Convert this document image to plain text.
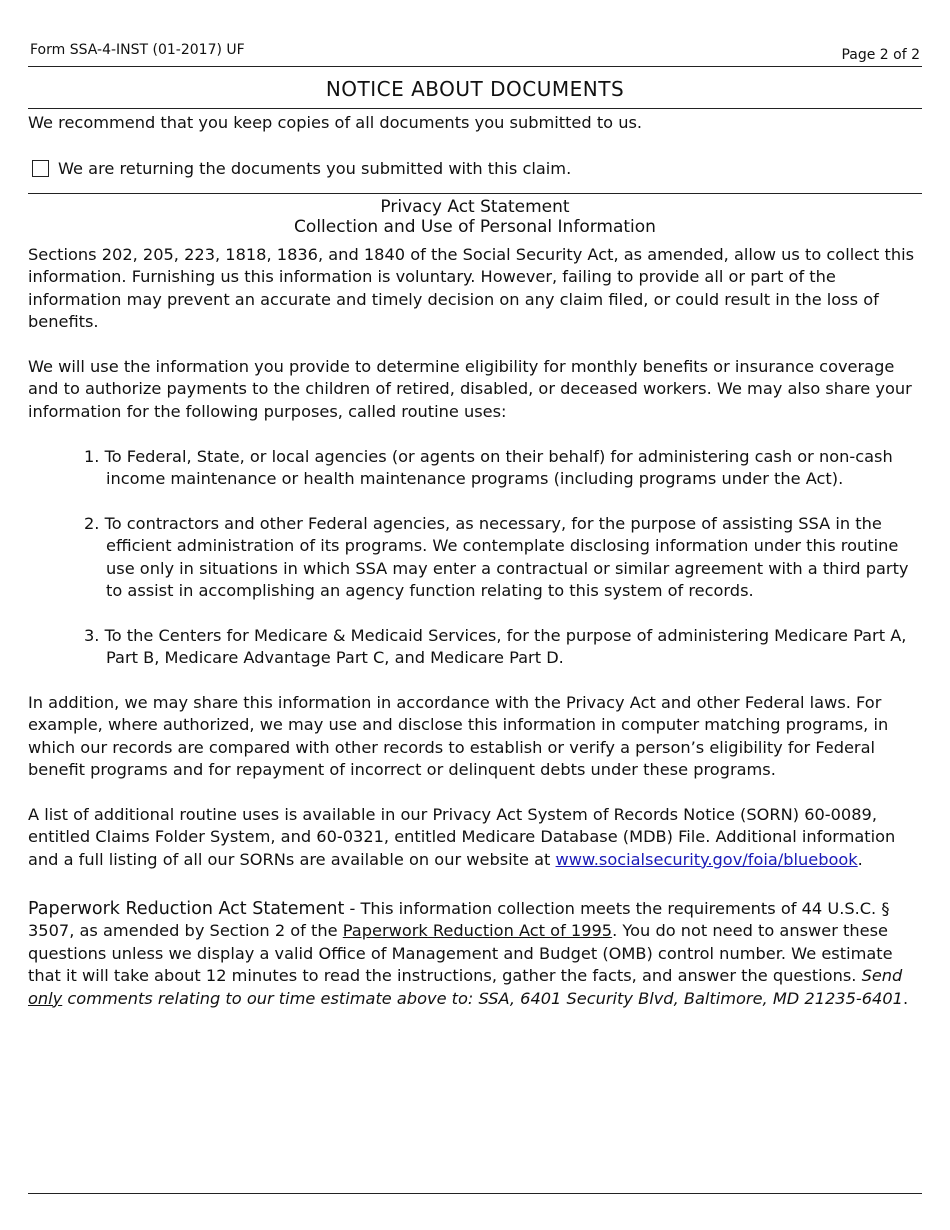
Form SSA-4-INST (01-2017) UF	Page 2 of 2
NOTICE ABOUT DOCUMENTS

We recommend that you keep copies of all documents you submitted to us.

We are returning the documents you submitted with this claim.
Privacy Act Statement
Collection and Use of Personal Information

Sections 202, 205, 223, 1818, 1836, and 1840 of the Social Security Act, as amended, allow us to collect this information. Furnishing us this information is voluntary. However, failing to provide all or part of the information may prevent an accurate and timely decision on any claim filed, or could result in the loss of benefits.

We will use the information you provide to determine eligibility for monthly benefits or insurance coverage and to authorize payments to the children of retired, disabled, or deceased workers. We may also share your information for the following purposes, called routine uses:

1. To Federal, State, or local agencies (or agents on their behalf) for administering cash or non-cash income maintenance or health maintenance programs (including programs under the Act).

2. To contractors and other Federal agencies, as necessary, for the purpose of assisting SSA in the efficient administration of its programs. We contemplate disclosing information under this routine use only in situations in which SSA may enter a contractual or similar agreement with a third party to assist in accomplishing an agency function relating to this system of records.

3. To the Centers for Medicare & Medicaid Services, for the purpose of administering Medicare Part A, Part B, Medicare Advantage Part C, and Medicare Part D.

In addition, we may share this information in accordance with the Privacy Act and other Federal laws. For example, where authorized, we may use and disclose this information in computer matching programs, in which our records are compared with other records to establish or verify a person’s eligibility for Federal benefit programs and for repayment of incorrect or delinquent debts under these programs.

A list of additional routine uses is available in our Privacy Act System of Records Notice (SORN) 60-0089, entitled Claims Folder System, and 60-0321, entitled Medicare Database (MDB) File. Additional information and a full listing of all our SORNs are available on our website at www.socialsecurity.gov/foia/bluebook.

Paperwork Reduction Act Statement - This information collection meets the requirements of 44 U.S.C. § 3507, as amended by Section 2 of the Paperwork Reduction Act of 1995. You do not need to answer these questions unless we display a valid Office of Management and Budget (OMB) control number. We estimate that it will take about 12 minutes to read the instructions, gather the facts, and answer the questions. Send only comments relating to our time estimate above to: SSA, 6401 Security Blvd, Baltimore, MD 21235-6401.
